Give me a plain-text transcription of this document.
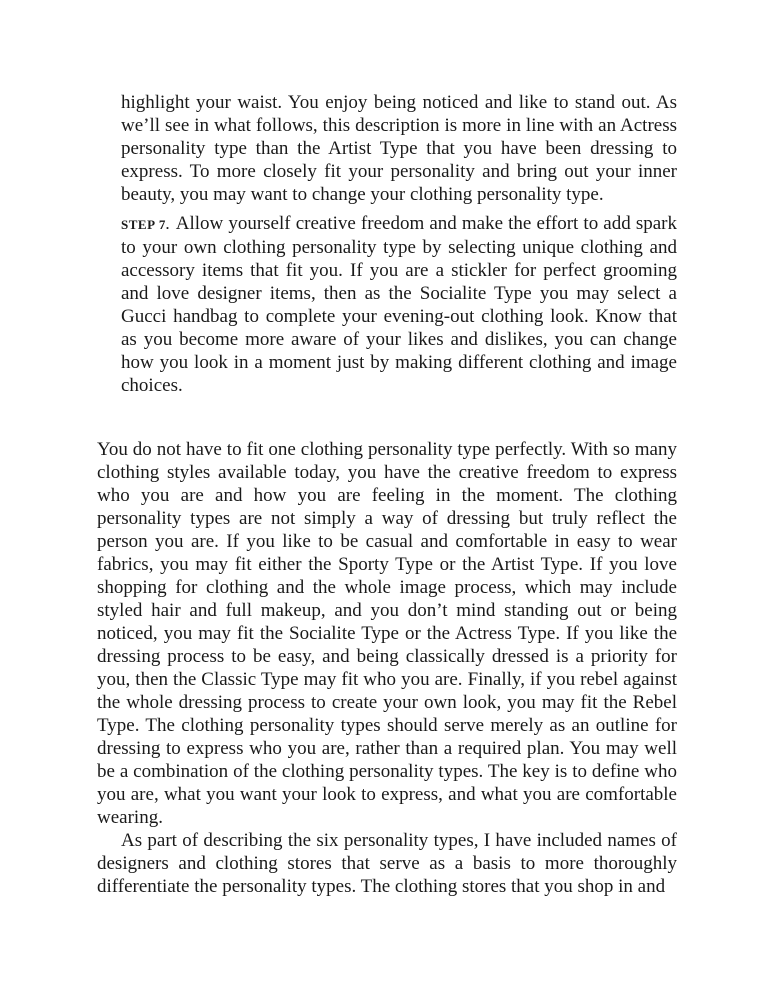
highlight your waist. You enjoy being noticed and like to stand out. As we’ll see in what follows, this description is more in line with an Actress personality type than the Artist Type that you have been dressing to express. To more closely fit your personality and bring out your inner beauty, you may want to change your clothing personality type.

STEP 7. Allow yourself creative freedom and make the effort to add spark to your own clothing personality type by selecting unique clothing and accessory items that fit you. If you are a stickler for perfect grooming and love designer items, then as the Socialite Type you may select a Gucci handbag to complete your evening-out clothing look. Know that as you become more aware of your likes and dislikes, you can change how you look in a moment just by making different clothing and image choices.

You do not have to fit one clothing personality type perfectly. With so many clothing styles available today, you have the creative freedom to express who you are and how you are feeling in the moment. The clothing personality types are not simply a way of dressing but truly reflect the person you are. If you like to be casual and comfortable in easy to wear fabrics, you may fit either the Sporty Type or the Artist Type. If you love shopping for clothing and the whole image process, which may include styled hair and full makeup, and you don’t mind standing out or being noticed, you may fit the Socialite Type or the Actress Type. If you like the dressing process to be easy, and being classically dressed is a priority for you, then the Classic Type may fit who you are. Finally, if you rebel against the whole dressing process to create your own look, you may fit the Rebel Type. The clothing personality types should serve merely as an outline for dressing to express who you are, rather than a required plan. You may well be a combination of the clothing personality types. The key is to define who you are, what you want your look to express, and what you are comfortable wearing.

As part of describing the six personality types, I have included names of designers and clothing stores that serve as a basis to more thoroughly differentiate the personality types. The clothing stores that you shop in and
